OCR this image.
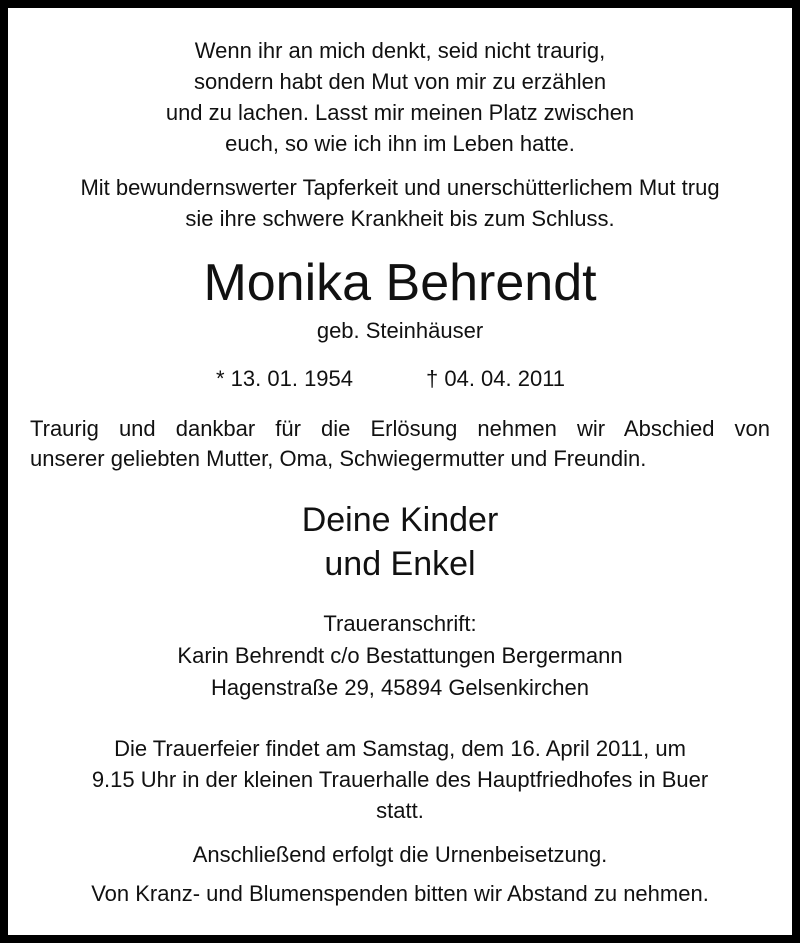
Wenn ihr an mich denkt, seid nicht traurig,
sondern habt den Mut von mir zu erzählen
und zu lachen. Lasst mir meinen Platz zwischen
euch, so wie ich ihn im Leben hatte.
Mit bewundernswerter Tapferkeit und unerschütterlichem Mut trug
sie ihre schwere Krankheit bis zum Schluss.
Monika Behrendt
geb. Steinhäuser
* 13. 01. 1954	† 04. 04. 2011
Traurig und dankbar für die Erlösung nehmen wir Abschied von
unserer geliebten Mutter, Oma, Schwiegermutter und Freundin.
Deine Kinder
und Enkel
Traueranschrift:
Karin Behrendt c/o Bestattungen Bergermann
Hagenstraße 29, 45894 Gelsenkirchen
Die Trauerfeier findet am Samstag, dem 16. April 2011, um
9.15 Uhr in der kleinen Trauerhalle des Hauptfriedhofes in Buer
statt.
Anschließend erfolgt die Urnenbeisetzung.
Von Kranz- und Blumenspenden bitten wir Abstand zu nehmen.
